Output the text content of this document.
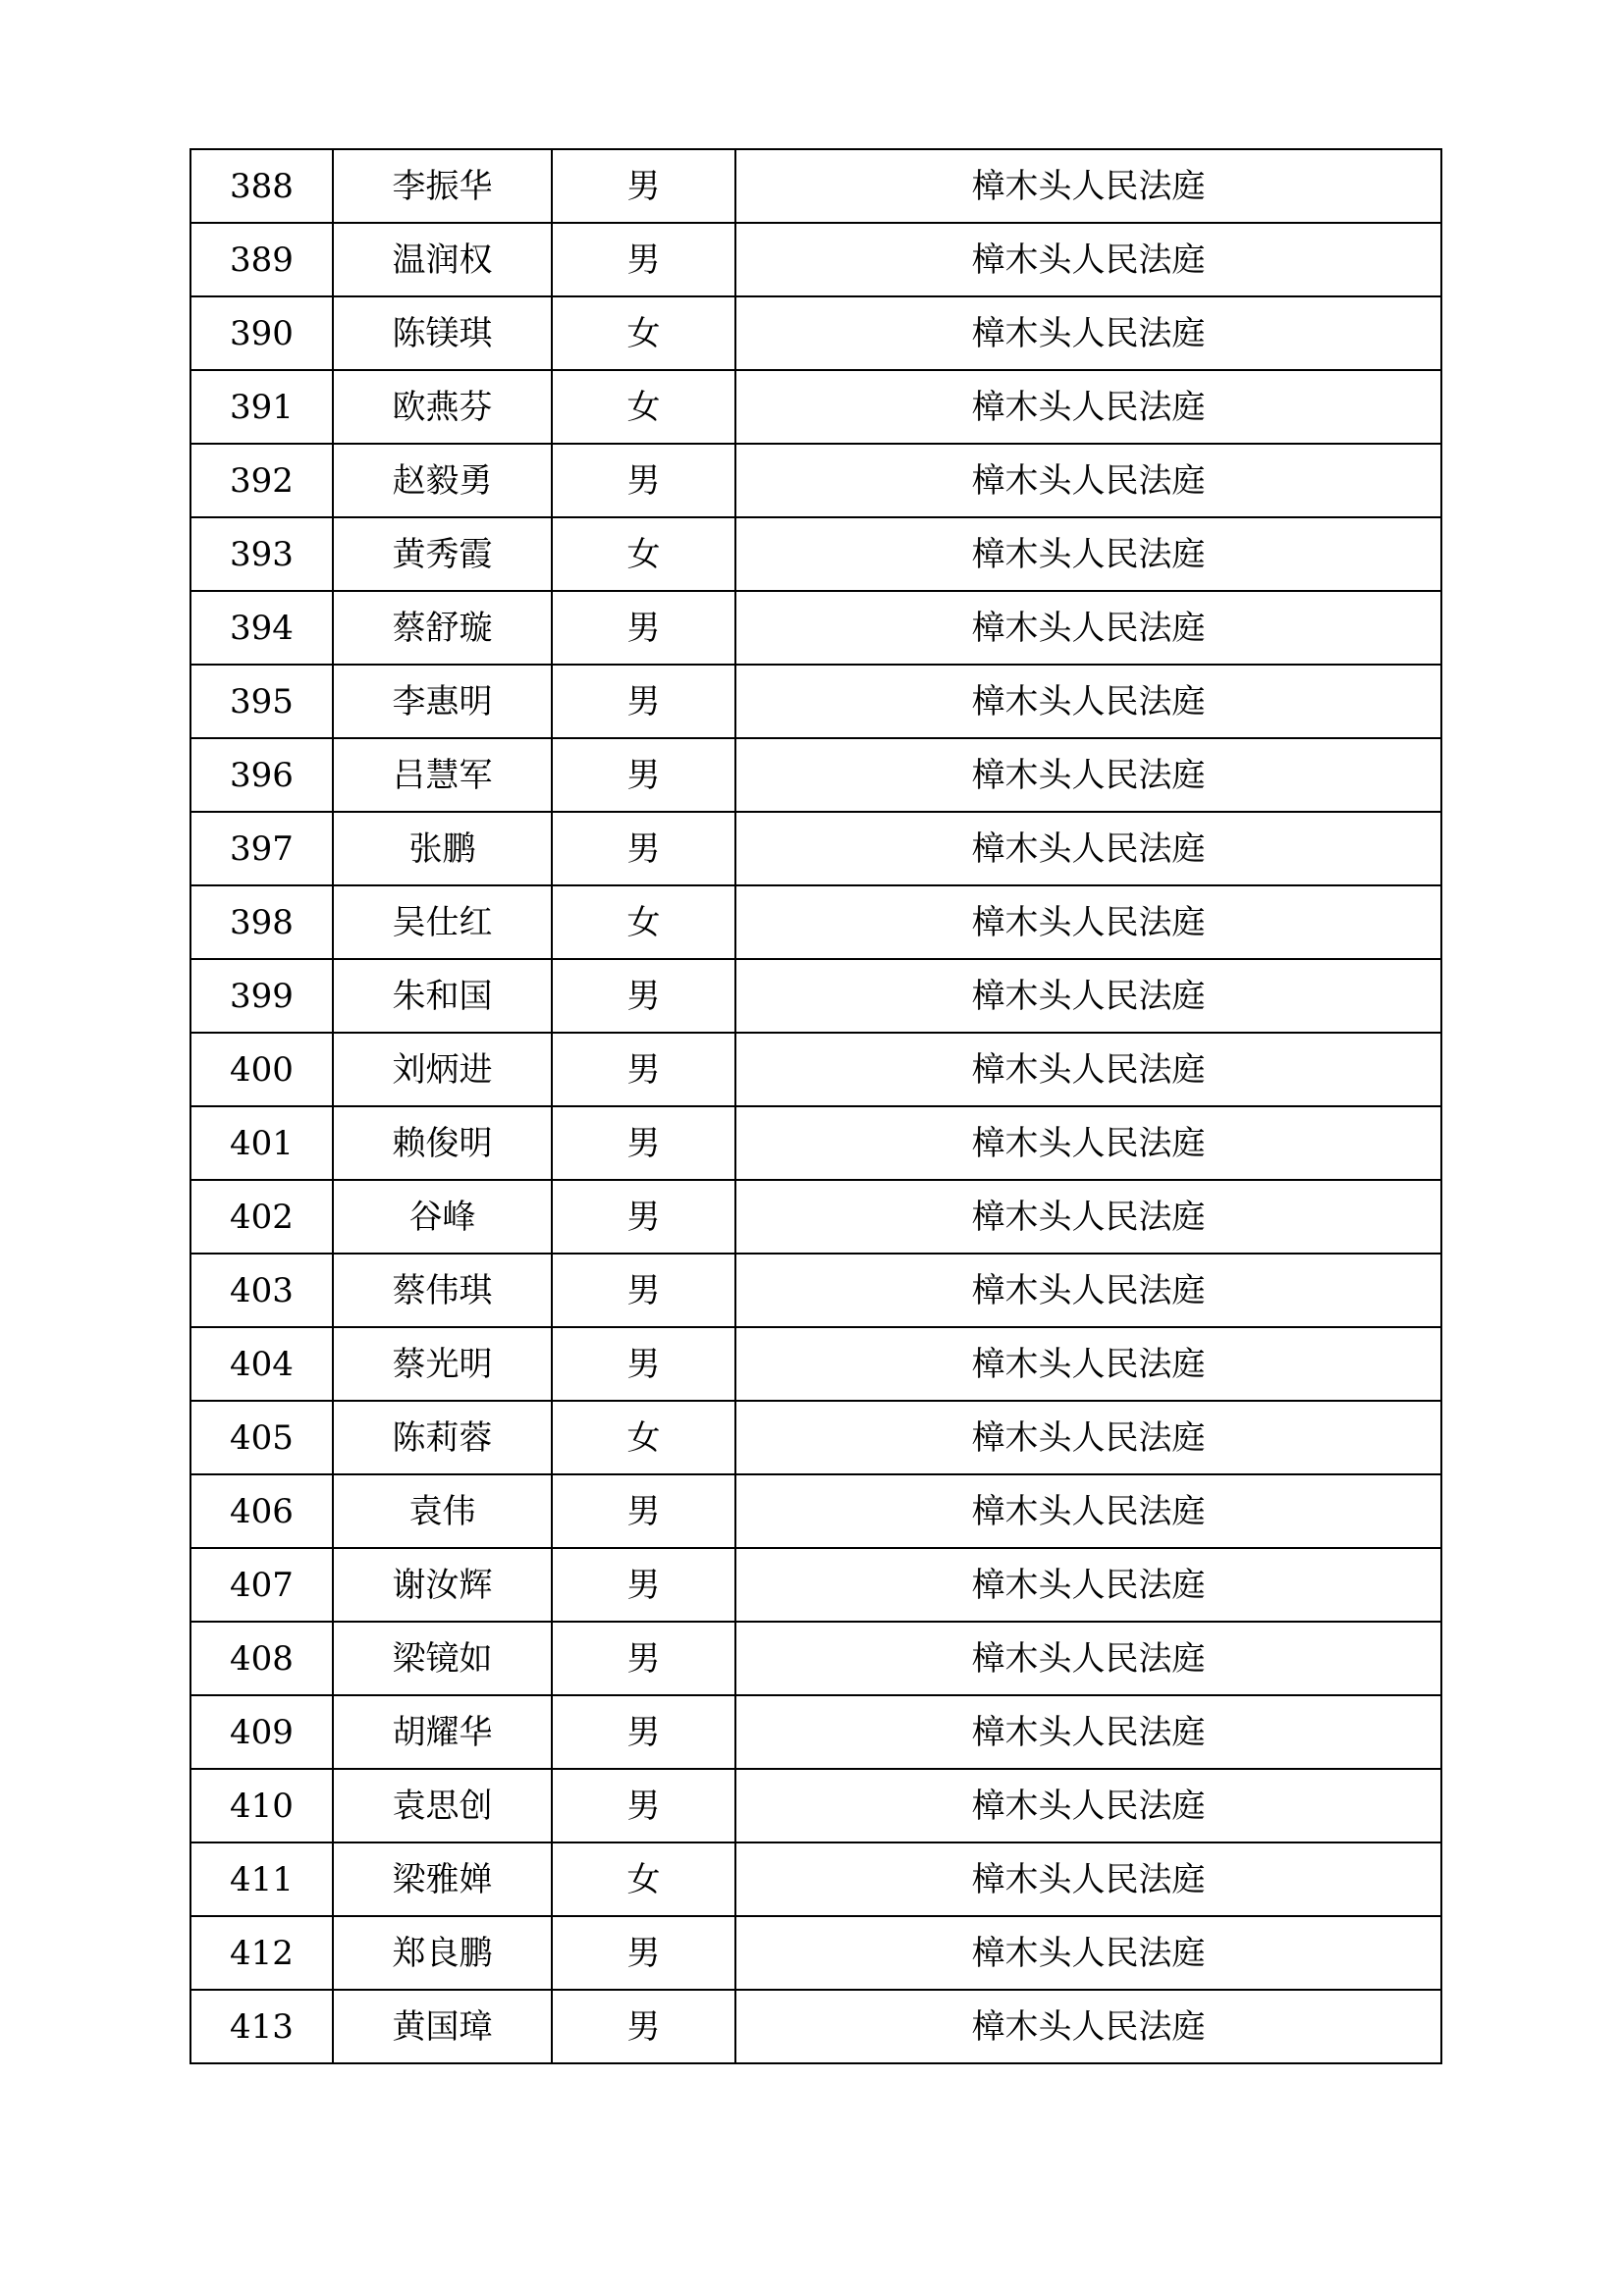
388	李振华	男	樟木头人民法庭
389	温润权	男	樟木头人民法庭
390	陈镁琪	女	樟木头人民法庭
391	欧燕芬	女	樟木头人民法庭
392	赵毅勇	男	樟木头人民法庭
393	黄秀霞	女	樟木头人民法庭
394	蔡舒璇	男	樟木头人民法庭
395	李惠明	男	樟木头人民法庭
396	吕慧军	男	樟木头人民法庭
397	张鹏	男	樟木头人民法庭
398	吴仕红	女	樟木头人民法庭
399	朱和国	男	樟木头人民法庭
400	刘炳进	男	樟木头人民法庭
401	赖俊明	男	樟木头人民法庭
402	谷峰	男	樟木头人民法庭
403	蔡伟琪	男	樟木头人民法庭
404	蔡光明	男	樟木头人民法庭
405	陈莉蓉	女	樟木头人民法庭
406	袁伟	男	樟木头人民法庭
407	谢汝辉	男	樟木头人民法庭
408	梁镜如	男	樟木头人民法庭
409	胡耀华	男	樟木头人民法庭
410	袁思创	男	樟木头人民法庭
411	梁雅婵	女	樟木头人民法庭
412	郑良鹏	男	樟木头人民法庭
413	黄国璋	男	樟木头人民法庭
